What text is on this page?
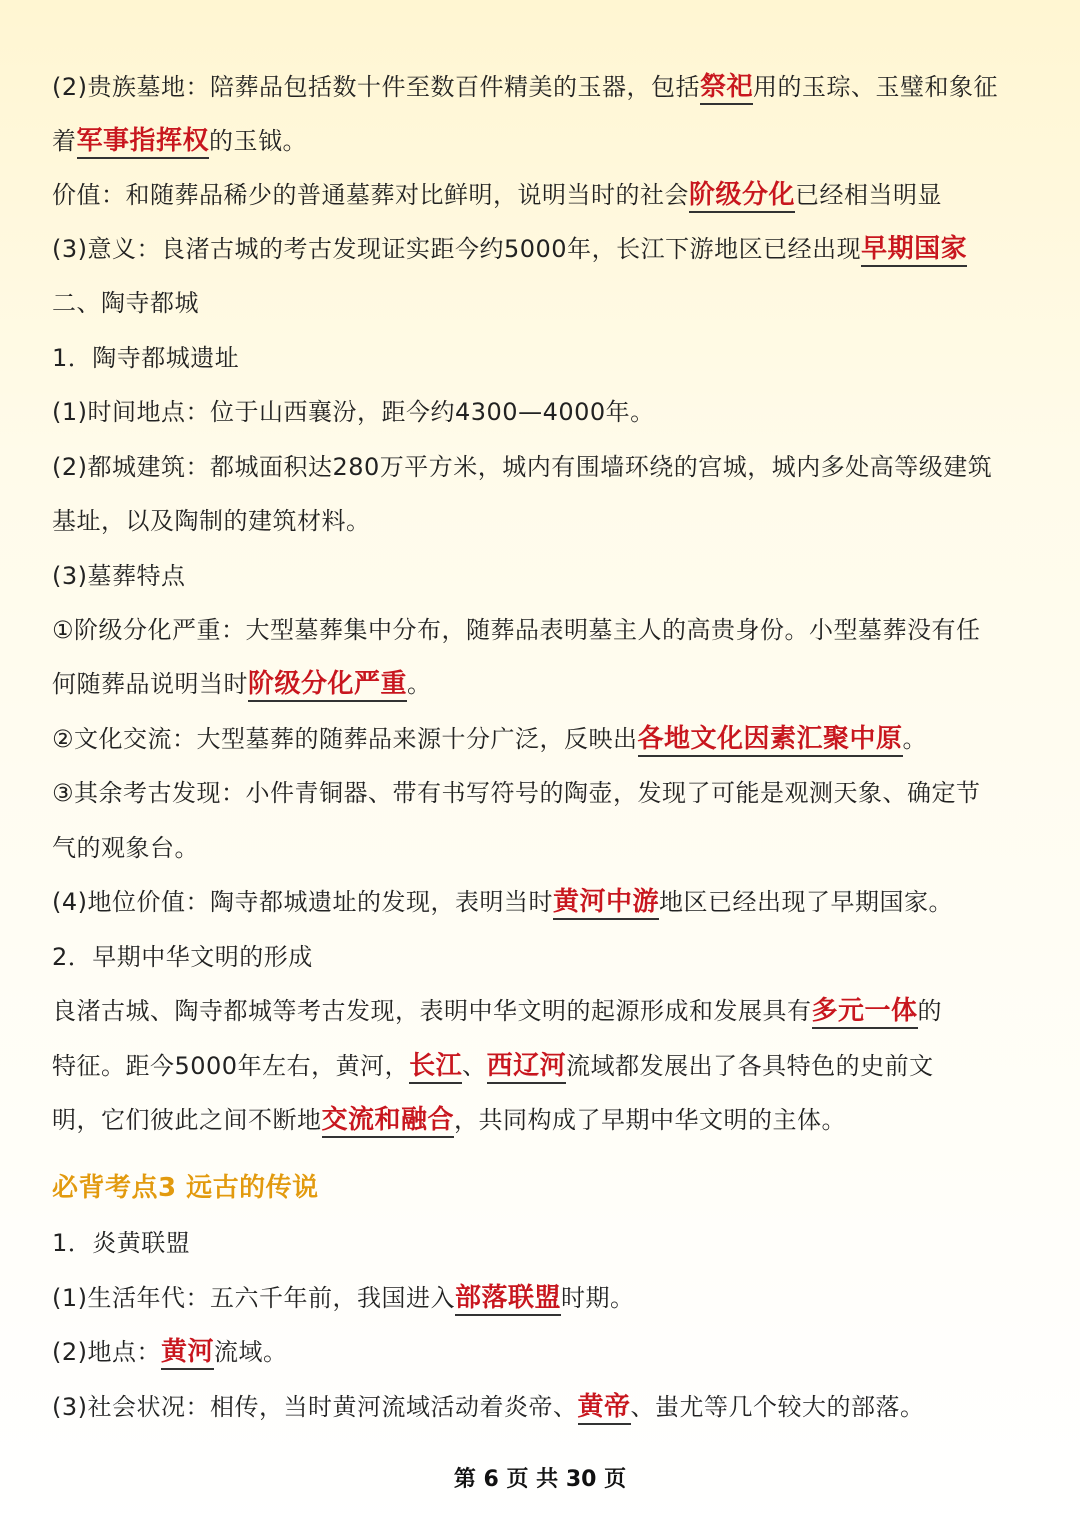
(2)贵族墓地：陪葬品包括数十件至数百件精美的玉器，包括祭祀用的玉琮、玉璧和象征
着军事指挥权的玉钺。
价值：和随葬品稀少的普通墓葬对比鲜明，说明当时的社会阶级分化已经相当明显
(3)意义：良渚古城的考古发现证实距今约5000年，长江下游地区已经出现早期国家
二、陶寺都城
1．陶寺都城遗址
(1)时间地点：位于山西襄汾，距今约4300—4000年。
(2)都城建筑：都城面积达280万平方米，城内有围墙环绕的宫城，城内多处高等级建筑
基址，以及陶制的建筑材料。
(3)墓葬特点
①阶级分化严重：大型墓葬集中分布，随葬品表明墓主人的高贵身份。小型墓葬没有任
何随葬品说明当时阶级分化严重。
②文化交流：大型墓葬的随葬品来源十分广泛，反映出各地文化因素汇聚中原。
③其余考古发现：小件青铜器、带有书写符号的陶壶，发现了可能是观测天象、确定节
气的观象台。
(4)地位价值：陶寺都城遗址的发现，表明当时黄河中游地区已经出现了早期国家。
2．早期中华文明的形成
良渚古城、陶寺都城等考古发现，表明中华文明的起源形成和发展具有多元一体的
特征。距今5000年左右，黄河，长江、西辽河流域都发展出了各具特色的史前文
明，它们彼此之间不断地交流和融合，共同构成了早期中华文明的主体。
必背考点3 远古的传说
1．炎黄联盟
(1)生活年代：五六千年前，我国进入部落联盟时期。
(2)地点：黄河流域。
(3)社会状况：相传，当时黄河流域活动着炎帝、黄帝、蚩尤等几个较大的部落。
第 6 页 共 30 页
